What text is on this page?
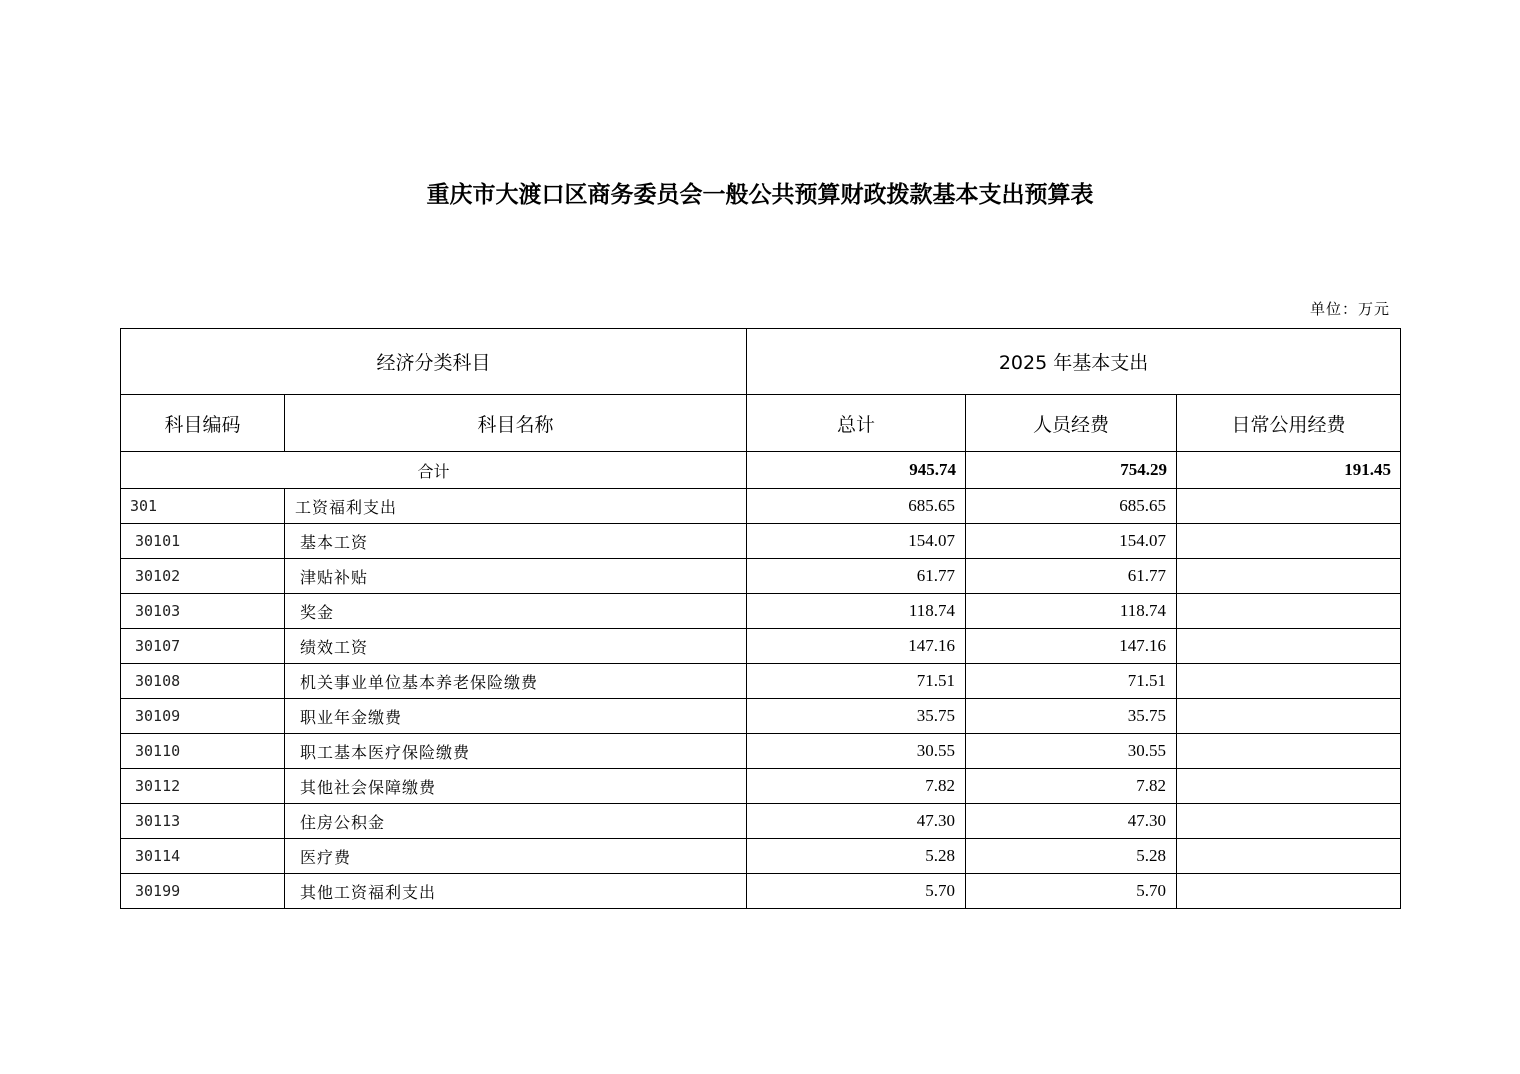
重庆市大渡口区商务委员会一般公共预算财政拨款基本支出预算表
单位：万元
经济分类科目		2025 年基本支出		
科目编码	科目名称	总计	人员经费	日常公用经费
合计		945.74	754.29	191.45
301	工资福利支出	685.65	685.65	
30101	基本工资	154.07	154.07	
30102	津贴补贴	61.77	61.77	
30103	奖金	118.74	118.74	
30107	绩效工资	147.16	147.16	
30108	机关事业单位基本养老保险缴费	71.51	71.51	
30109	职业年金缴费	35.75	35.75	
30110	职工基本医疗保险缴费	30.55	30.55	
30112	其他社会保障缴费	7.82	7.82	
30113	住房公积金	47.30	47.30	
30114	医疗费	5.28	5.28	
30199	其他工资福利支出	5.70	5.70	
